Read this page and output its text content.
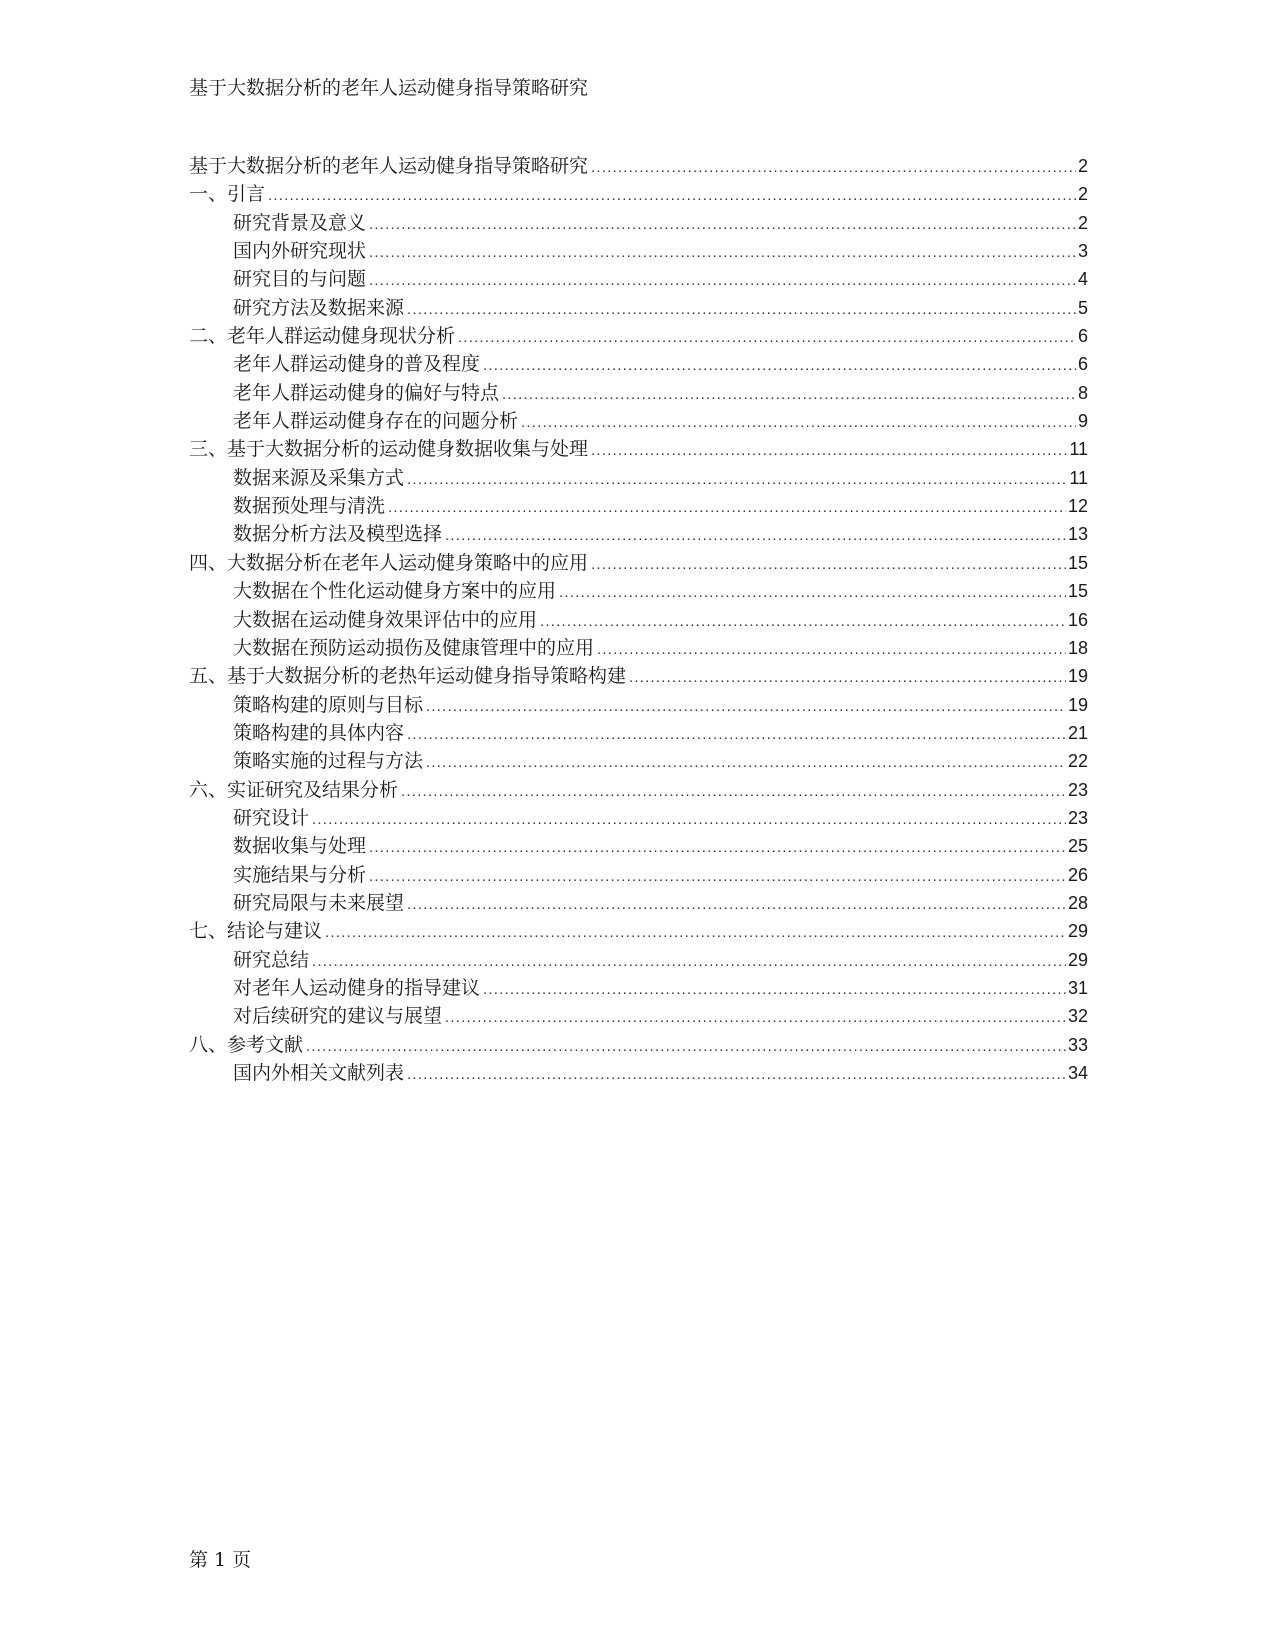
基于大数据分析的老年人运动健身指导策略研究
基于大数据分析的老年人运动健身指导策略研究 .....	2
一、引言 .....	2
研究背景及意义 .....	2
国内外研究现状 .....	3
研究目的与问题 .....	4
研究方法及数据来源 .....	5
二、老年人群运动健身现状分析 .....	6
老年人群运动健身的普及程度 .....	6
老年人群运动健身的偏好与特点 .....	8
老年人群运动健身存在的问题分析 .....	9
三、基于大数据分析的运动健身数据收集与处理 .....	11
数据来源及采集方式 .....	11
数据预处理与清洗 .....	12
数据分析方法及模型选择 .....	13
四、大数据分析在老年人运动健身策略中的应用 .....	15
大数据在个性化运动健身方案中的应用 .....	15
大数据在运动健身效果评估中的应用 .....	16
大数据在预防运动损伤及健康管理中的应用 .....	18
五、基于大数据分析的老热年运动健身指导策略构建 .....	19
策略构建的原则与目标 .....	19
策略构建的具体内容 .....	21
策略实施的过程与方法 .....	22
六、实证研究及结果分析 .....	23
研究设计 .....	23
数据收集与处理 .....	25
实施结果与分析 .....	26
研究局限与未来展望 .....	28
七、结论与建议 .....	29
研究总结 .....	29
对老年人运动健身的指导建议 .....	31
对后续研究的建议与展望 .....	32
八、参考文献 .....	33
国内外相关文献列表 .....	34
第 1 页
